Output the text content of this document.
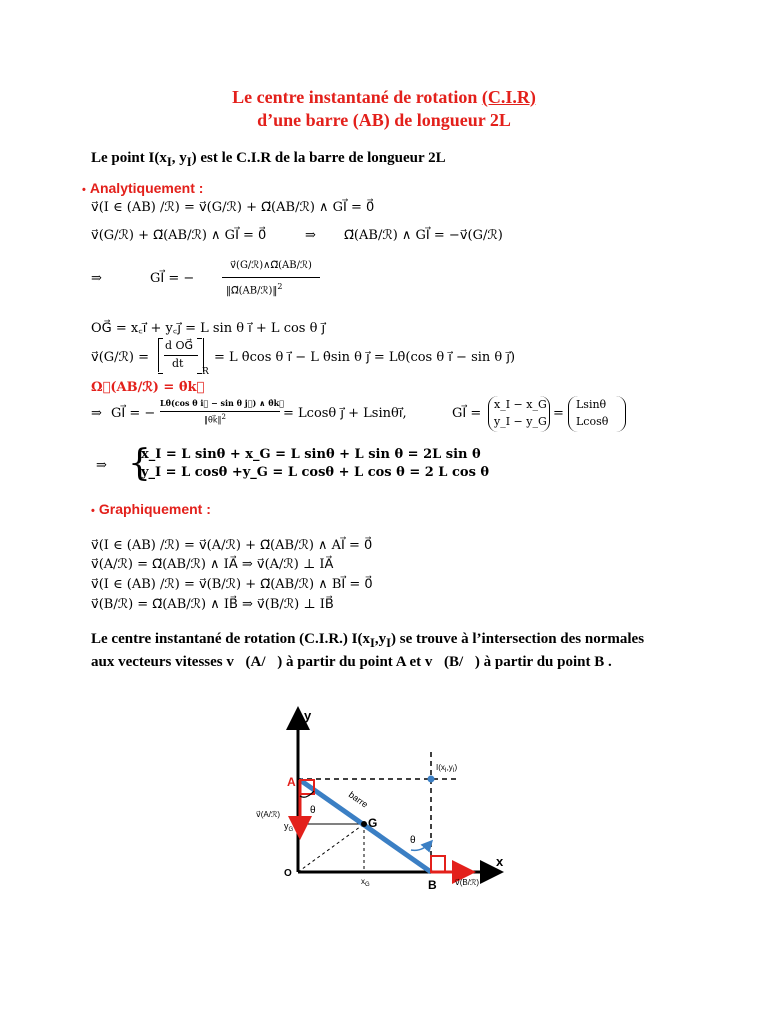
Le centre instantané de rotation (C.I.R)
d’une barre (AB) de longueur 2L
Le point $I(x_I$, $y_I$) est le C.I.R de la barre de longueur 2L
• Analytiquement :
v⃗(I ∈ (AB) /ℛ) = v⃗(G/ℛ) + Ω⃗(AB/ℛ) ∧ GI⃗ = 0⃗
v⃗(G/ℛ) + Ω⃗(AB/ℛ) ∧ GI⃗ = 0⃗	⇒ Ω⃗(AB/ℛ) ∧ GI⃗ = −v⃗(G/ℛ)
⇒	GI⃗ = −
v⃗(G/ℛ)∧Ω⃗(AB/ℛ)
‖Ω⃗(AB/ℛ)‖$^2$
OG⃗ = x꜀i⃗ + y꜀j⃗ = L sin θ i⃗ + L cos θ j⃗
v⃗(G/ℛ) =
d OG⃗
dt
R
= L θ̇cos θ i⃗ − L θ̇sin θ j⃗ = Lθ̇(cos θ i⃗ − sin θ j⃗)
Ω⃗(AB/ℛ) = θ̇k⃗
⇒ GI⃗ = −
Lθ̇(cos θ i⃗ − sin θ j⃗) ∧ θ̇k⃗
‖θ̇k⃗‖$^2$	= Lcosθ j⃗ + Lsinθi⃗,	GI⃗ =
x_I − x_G
y_I − y_G
=
Lsinθ
Lcosθ
⇒ {
x_I = L sinθ + x_G = L sinθ + L sin θ = 2L sin θ
y_I = L cosθ +y_G = L cosθ + L cos θ = 2 L cos θ
• Graphiquement :
v⃗(I ∈ (AB) /ℛ) = v⃗(A/ℛ) + Ω⃗(AB/ℛ) ∧ AI⃗ = 0⃗
v⃗(A/ℛ) = Ω⃗(AB/ℛ) ∧ IA⃗ ⇒ v⃗(A/ℛ) ⊥ IA⃗
v⃗(I ∈ (AB) /ℛ) = v⃗(B/ℛ) + Ω⃗(AB/ℛ) ∧ BI⃗ = 0⃗
v⃗(B/ℛ) = Ω⃗(AB/ℛ) ∧ IB⃗ ⇒ v⃗(B/ℛ) ⊥ IB⃗
Le centre instantané de rotation (C.I.R.) $I(x_I,y_I)$ se trouve à l’intersection des normales
aux vecteurs vitesses v⃗(A/ℛ) à partir du point A et v⃗(B/ℛ) à partir du point B .
y
x
O
A
B
G
$I(x_I,y_I)$
$y_G$
$x_G$
v⃗(A/ℛ)
v⃗(B/ℛ)
barre
θ
θ
